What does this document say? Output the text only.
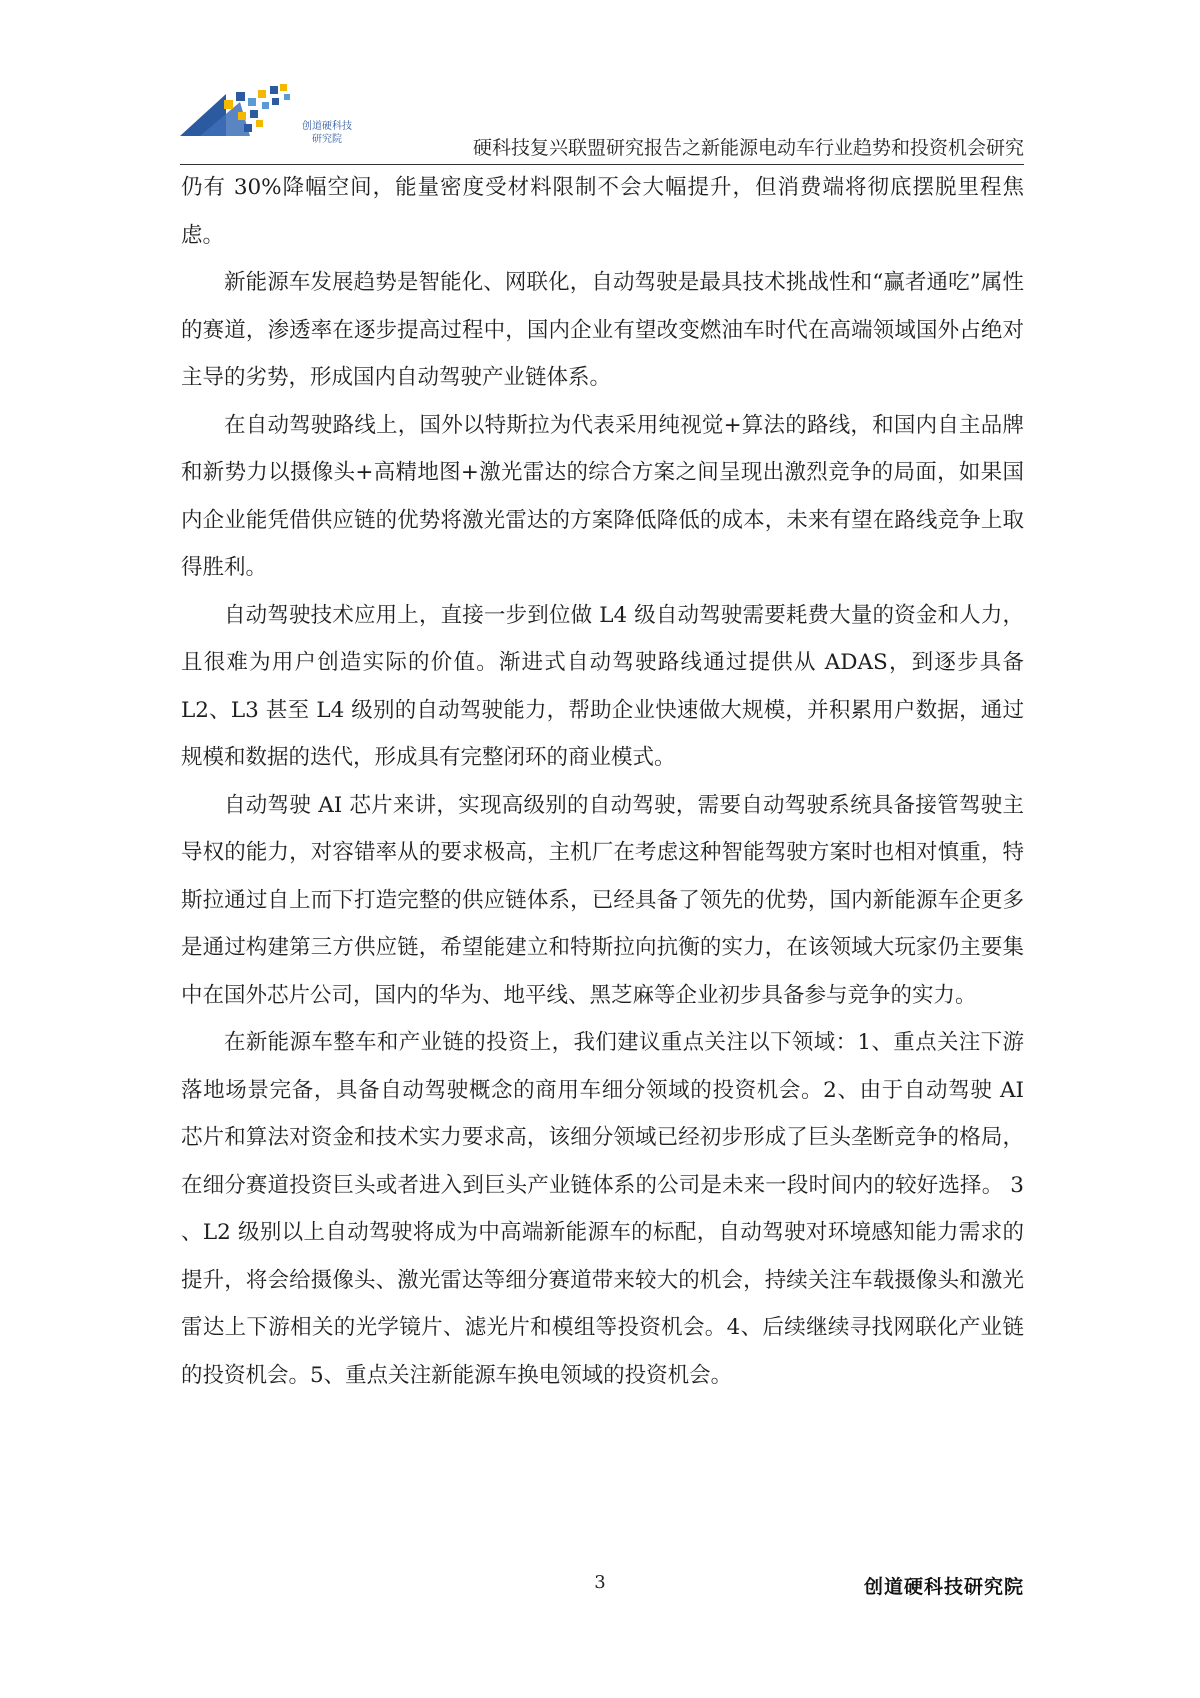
创道硬科技
研究院	硬科技复兴联盟研究报告之新能源电动车行业趋势和投资机会研究

仍有 30%降幅空间，能量密度受材料限制不会大幅提升，但消费端将彻底摆脱里程焦虑。

新能源车发展趋势是智能化、网联化，自动驾驶是最具技术挑战性和“赢者通吃”属性的赛道，渗透率在逐步提高过程中，国内企业有望改变燃油车时代在高端领域国外占绝对主导的劣势，形成国内自动驾驶产业链体系。

在自动驾驶路线上，国外以特斯拉为代表采用纯视觉+算法的路线，和国内自主品牌和新势力以摄像头+高精地图+激光雷达的综合方案之间呈现出激烈竞争的局面，如果国内企业能凭借供应链的优势将激光雷达的方案降低降低的成本，未来有望在路线竞争上取得胜利。

自动驾驶技术应用上，直接一步到位做 L4 级自动驾驶需要耗费大量的资金和人力，且很难为用户创造实际的价值。渐进式自动驾驶路线通过提供从 ADAS，到逐步具备 L2、L3 甚至 L4 级别的自动驾驶能力，帮助企业快速做大规模，并积累用户数据，通过规模和数据的迭代，形成具有完整闭环的商业模式。

自动驾驶 AI 芯片来讲，实现高级别的自动驾驶，需要自动驾驶系统具备接管驾驶主导权的能力，对容错率从的要求极高，主机厂在考虑这种智能驾驶方案时也相对慎重，特斯拉通过自上而下打造完整的供应链体系，已经具备了领先的优势，国内新能源车企更多是通过构建第三方供应链，希望能建立和特斯拉向抗衡的实力，在该领域大玩家仍主要集中在国外芯片公司，国内的华为、地平线、黑芝麻等企业初步具备参与竞争的实力。

在新能源车整车和产业链的投资上，我们建议重点关注以下领域：1、重点关注下游落地场景完备，具备自动驾驶概念的商用车细分领域的投资机会。2、由于自动驾驶 AI 芯片和算法对资金和技术实力要求高，该细分领域已经初步形成了巨头垄断竞争的格局，在细分赛道投资巨头或者进入到巨头产业链体系的公司是未来一段时间内的较好选择。 3 、L2 级别以上自动驾驶将成为中高端新能源车的标配，自动驾驶对环境感知能力需求的提升，将会给摄像头、激光雷达等细分赛道带来较大的机会，持续关注车载摄像头和激光雷达上下游相关的光学镜片、滤光片和模组等投资机会。4、后续继续寻找网联化产业链的投资机会。5、重点关注新能源车换电领域的投资机会。

3	创道硬科技研究院
